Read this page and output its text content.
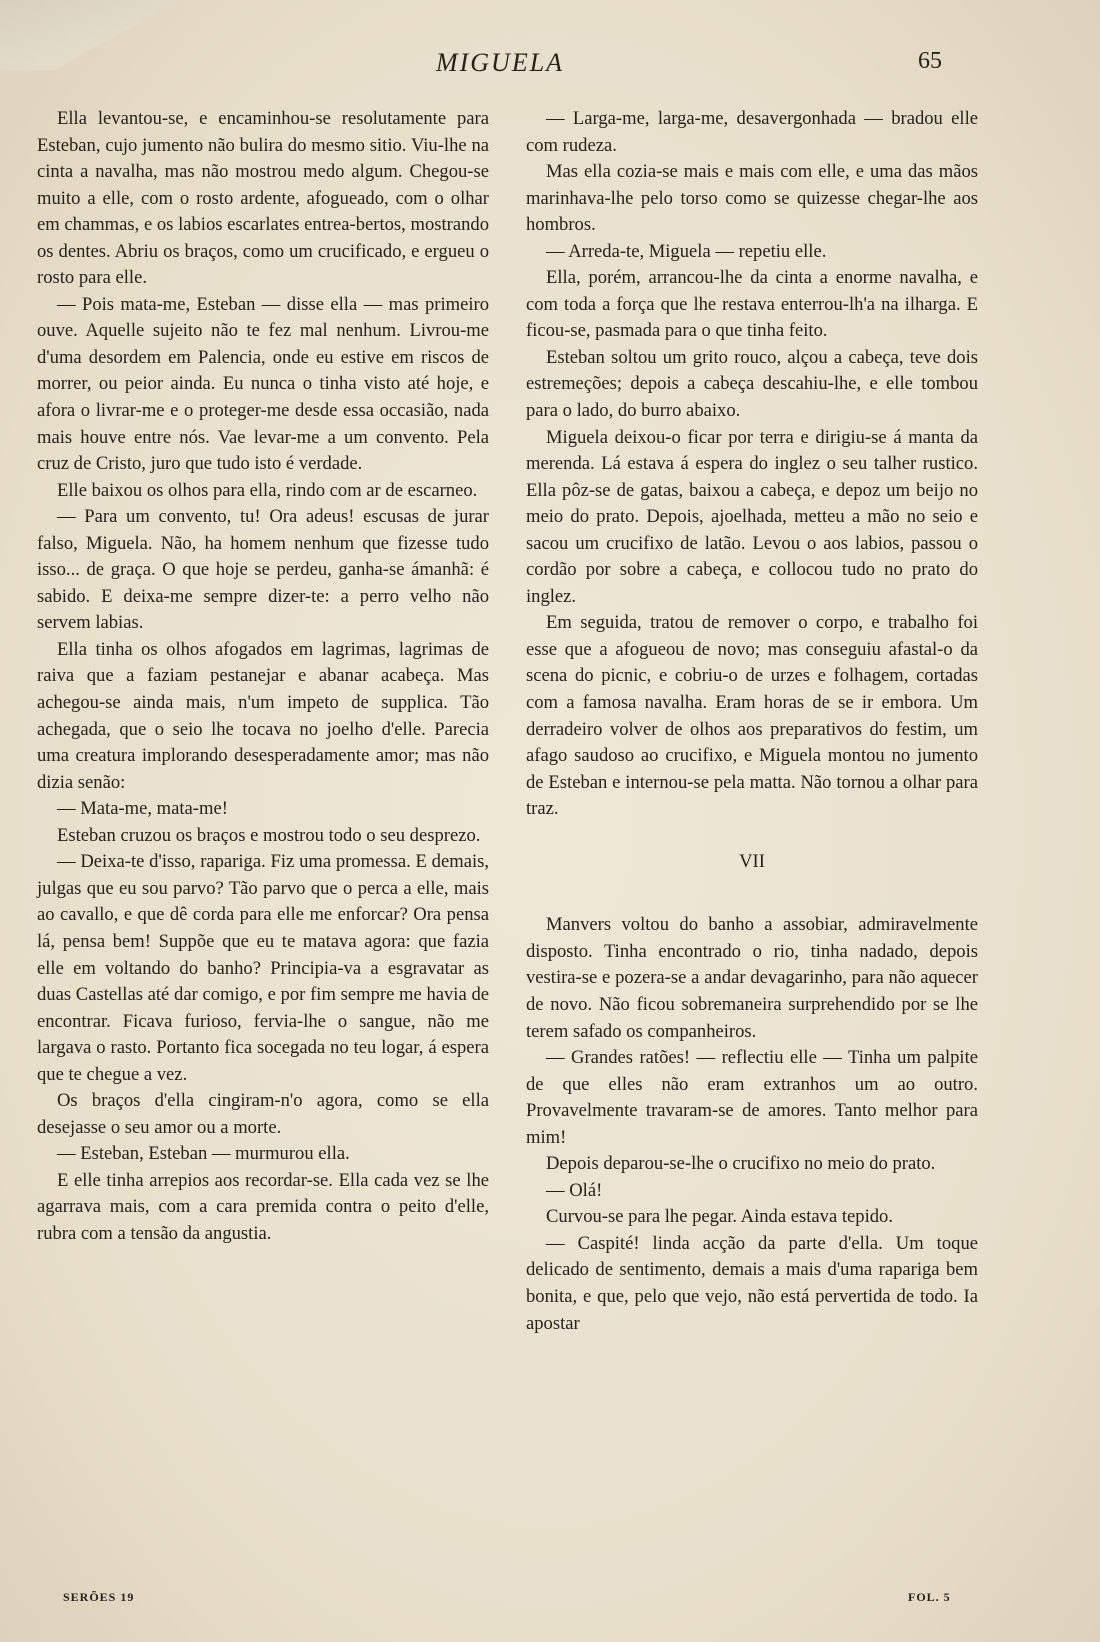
MIGUELA	65

Ella levantou-se, e encaminhou-se resolutamente para Esteban, cujo jumento não bulira do mesmo sitio. Viu-lhe na cinta a navalha, mas não mostrou medo algum. Chegou-se muito a elle, com o rosto ardente, afogueado, com o olhar em chammas, e os labios escarlates entrea-bertos, mostrando os dentes. Abriu os braços, como um crucificado, e ergueu o rosto para elle.

— Pois mata-me, Esteban — disse ella — mas primeiro ouve. Aquelle sujeito não te fez mal nenhum. Livrou-me d'uma desordem em Palencia, onde eu estive em riscos de morrer, ou peior ainda. Eu nunca o tinha visto até hoje, e afora o livrar-me e o proteger-me desde essa occasião, nada mais houve entre nós. Vae levar-me a um convento. Pela cruz de Cristo, juro que tudo isto é verdade.

Elle baixou os olhos para ella, rindo com ar de escarneo.

— Para um convento, tu! Ora adeus! escusas de jurar falso, Miguela. Não, ha homem nenhum que fizesse tudo isso... de graça. O que hoje se perdeu, ganha-se ámanhã: é sabido. E deixa-me sempre dizer-te: a perro velho não servem labias.

Ella tinha os olhos afogados em lagrimas, lagrimas de raiva que a faziam pestanejar e abanar acabeça. Mas achegou-se ainda mais, n'um impeto de supplica. Tão achegada, que o seio lhe tocava no joelho d'elle. Parecia uma creatura implorando desesperadamente amor; mas não dizia senão:

— Mata-me, mata-me!

Esteban cruzou os braços e mostrou todo o seu desprezo.

— Deixa-te d'isso, rapariga. Fiz uma promessa. E demais, julgas que eu sou parvo? Tão parvo que o perca a elle, mais ao cavallo, e que dê corda para elle me enforcar? Ora pensa lá, pensa bem! Suppõe que eu te matava agora: que fazia elle em voltando do banho? Principia-va a esgravatar as duas Castellas até dar comigo, e por fim sempre me havia de encontrar. Ficava furioso, fervia-lhe o sangue, não me largava o rasto. Portanto fica socegada no teu logar, á espera que te chegue a vez.

Os braços d'ella cingiram-n'o agora, como se ella desejasse o seu amor ou a morte.

— Esteban, Esteban — murmurou ella.

E elle tinha arrepios aos recordar-se. Ella cada vez se lhe agarrava mais, com a cara premida contra o peito d'elle, rubra com a tensão da angustia.

— Larga-me, larga-me, desavergonhada — bradou elle com rudeza.

Mas ella cozia-se mais e mais com elle, e uma das mãos marinhava-lhe pelo torso como se quizesse chegar-lhe aos hombros.

— Arreda-te, Miguela — repetiu elle.

Ella, porém, arrancou-lhe da cinta a enorme navalha, e com toda a força que lhe restava enterrou-lh'a na ilharga. E ficou-se, pasmada para o que tinha feito.

Esteban soltou um grito rouco, alçou a cabeça, teve dois estremeções; depois a cabeça descahiu-lhe, e elle tombou para o lado, do burro abaixo.

Miguela deixou-o ficar por terra e dirigiu-se á manta da merenda. Lá estava á espera do inglez o seu talher rustico. Ella pôz-se de gatas, baixou a cabeça, e depoz um beijo no meio do prato. Depois, ajoelhada, metteu a mão no seio e sacou um crucifixo de latão. Levou o aos labios, passou o cordão por sobre a cabeça, e collocou tudo no prato do inglez.

Em seguida, tratou de remover o corpo, e trabalho foi esse que a afogueou de novo; mas conseguiu afastal-o da scena do picnic, e cobriu-o de urzes e folhagem, cortadas com a famosa navalha. Eram horas de se ir embora. Um derradeiro volver de olhos aos preparativos do festim, um afago saudoso ao crucifixo, e Miguela montou no jumento de Esteban e internou-se pela matta. Não tornou a olhar para traz.

VII

Manvers voltou do banho a assobiar, admiravelmente disposto. Tinha encontrado o rio, tinha nadado, depois vestira-se e pozera-se a andar devagarinho, para não aquecer de novo. Não ficou sobremaneira surprehendido por se lhe terem safado os companheiros.

— Grandes ratões! — reflectiu elle — Tinha um palpite de que elles não eram extranhos um ao outro. Provavelmente travaram-se de amores. Tanto melhor para mim!

Depois deparou-se-lhe o crucifixo no meio do prato.

— Olá!

Curvou-se para lhe pegar. Ainda estava tepido.

— Caspité! linda acção da parte d'ella. Um toque delicado de sentimento, demais a mais d'uma rapariga bem bonita, e que, pelo que vejo, não está pervertida de todo. Ia apostar

SERÕES 19	FOL. 5
